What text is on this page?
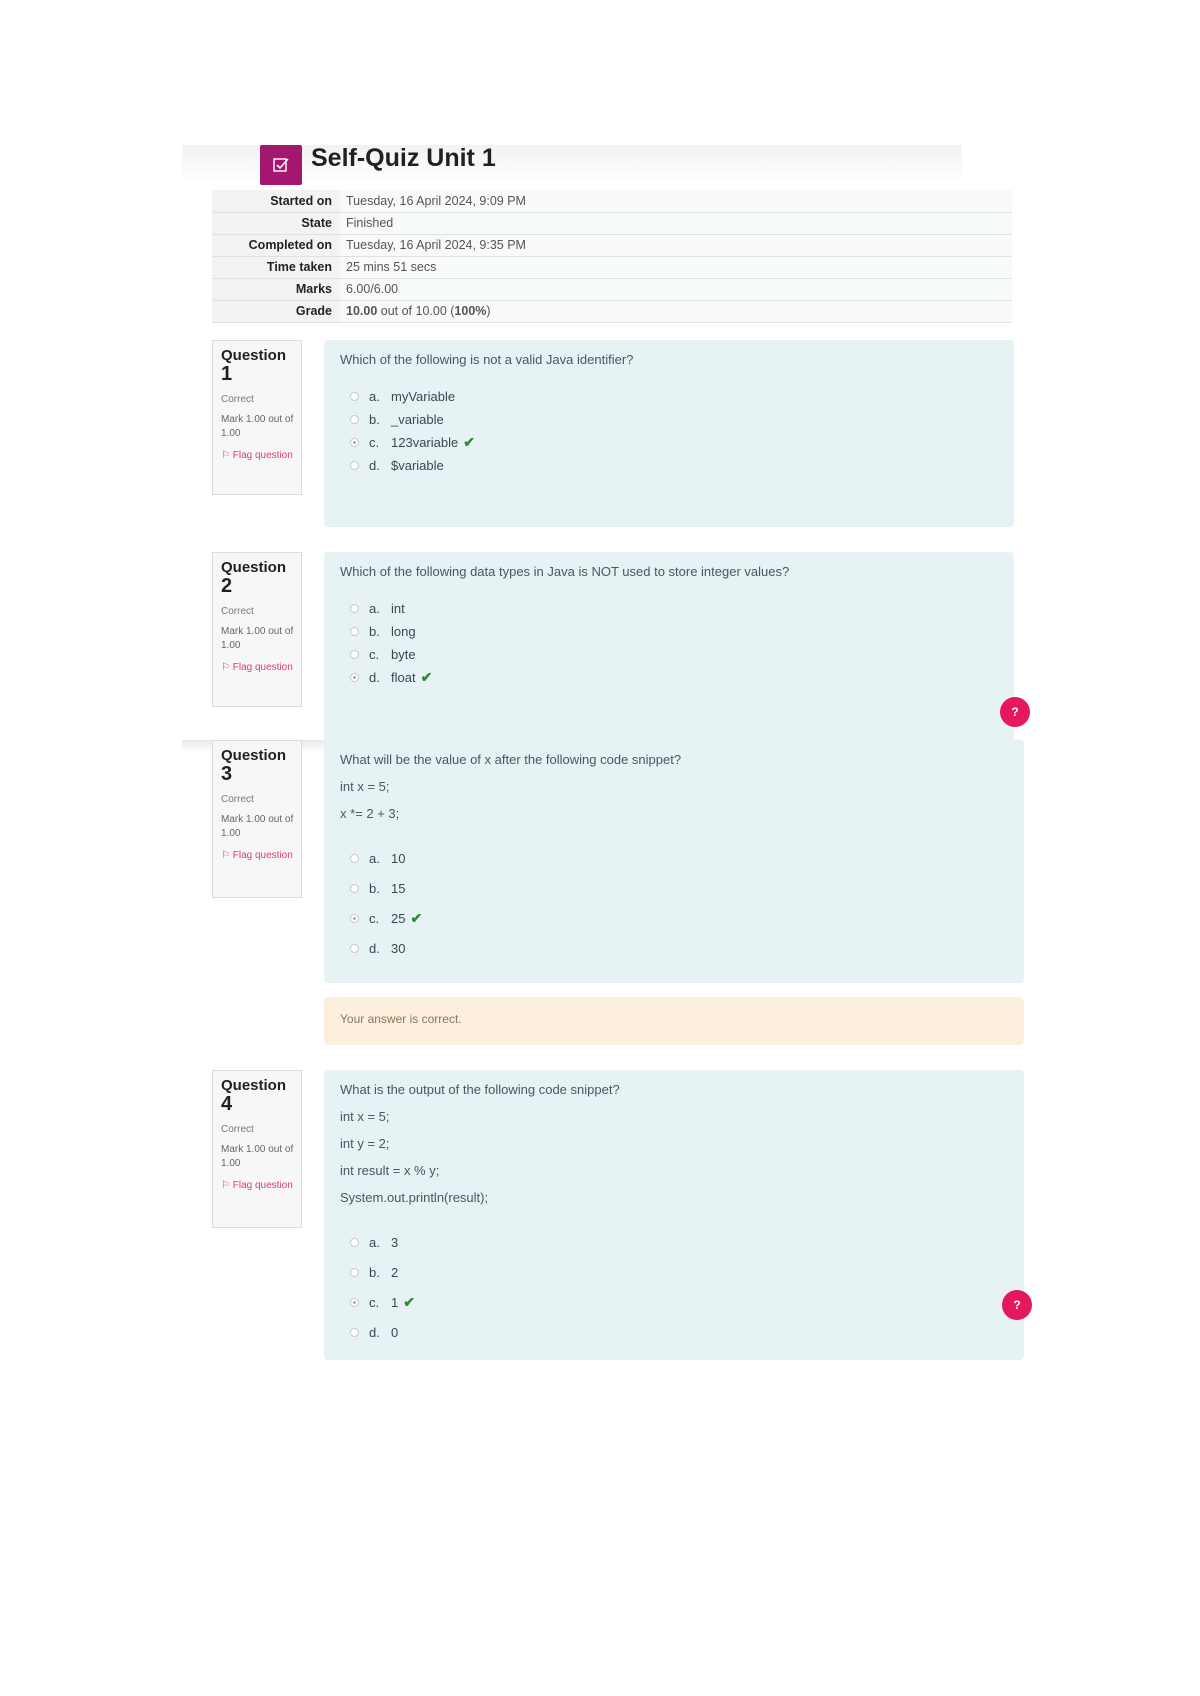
Self-Quiz Unit 1
Started on	Tuesday, 16 April 2024, 9:09 PM
State	Finished
Completed on	Tuesday, 16 April 2024, 9:35 PM
Time taken	25 mins 51 secs
Marks	6.00/6.00
Grade	10.00 out of 10.00 (100%)
Question
1
Correct
Mark 1.00 out of 1.00
⚐ Flag question
Which of the following is not a valid Java identifier?
a. myVariable
b. _variable
c. 123variable ✔
d. $variable
Question
2
Correct
Mark 1.00 out of 1.00
⚐ Flag question
Which of the following data types in Java is NOT used to store integer values?
a. int
b. long
c. byte
d. float ✔
?
Question
3
Correct
Mark 1.00 out of 1.00
⚐ Flag question
What will be the value of x after the following code snippet?
int x = 5;
x *= 2 + 3;
a. 10
b. 15
c. 25 ✔
d. 30
Your answer is correct.
Question
4
Correct
Mark 1.00 out of 1.00
⚐ Flag question
What is the output of the following code snippet?
int x = 5;
int y = 2;
int result = x % y;
System.out.println(result);
a. 3
b. 2
c. 1 ✔
d. 0
?
